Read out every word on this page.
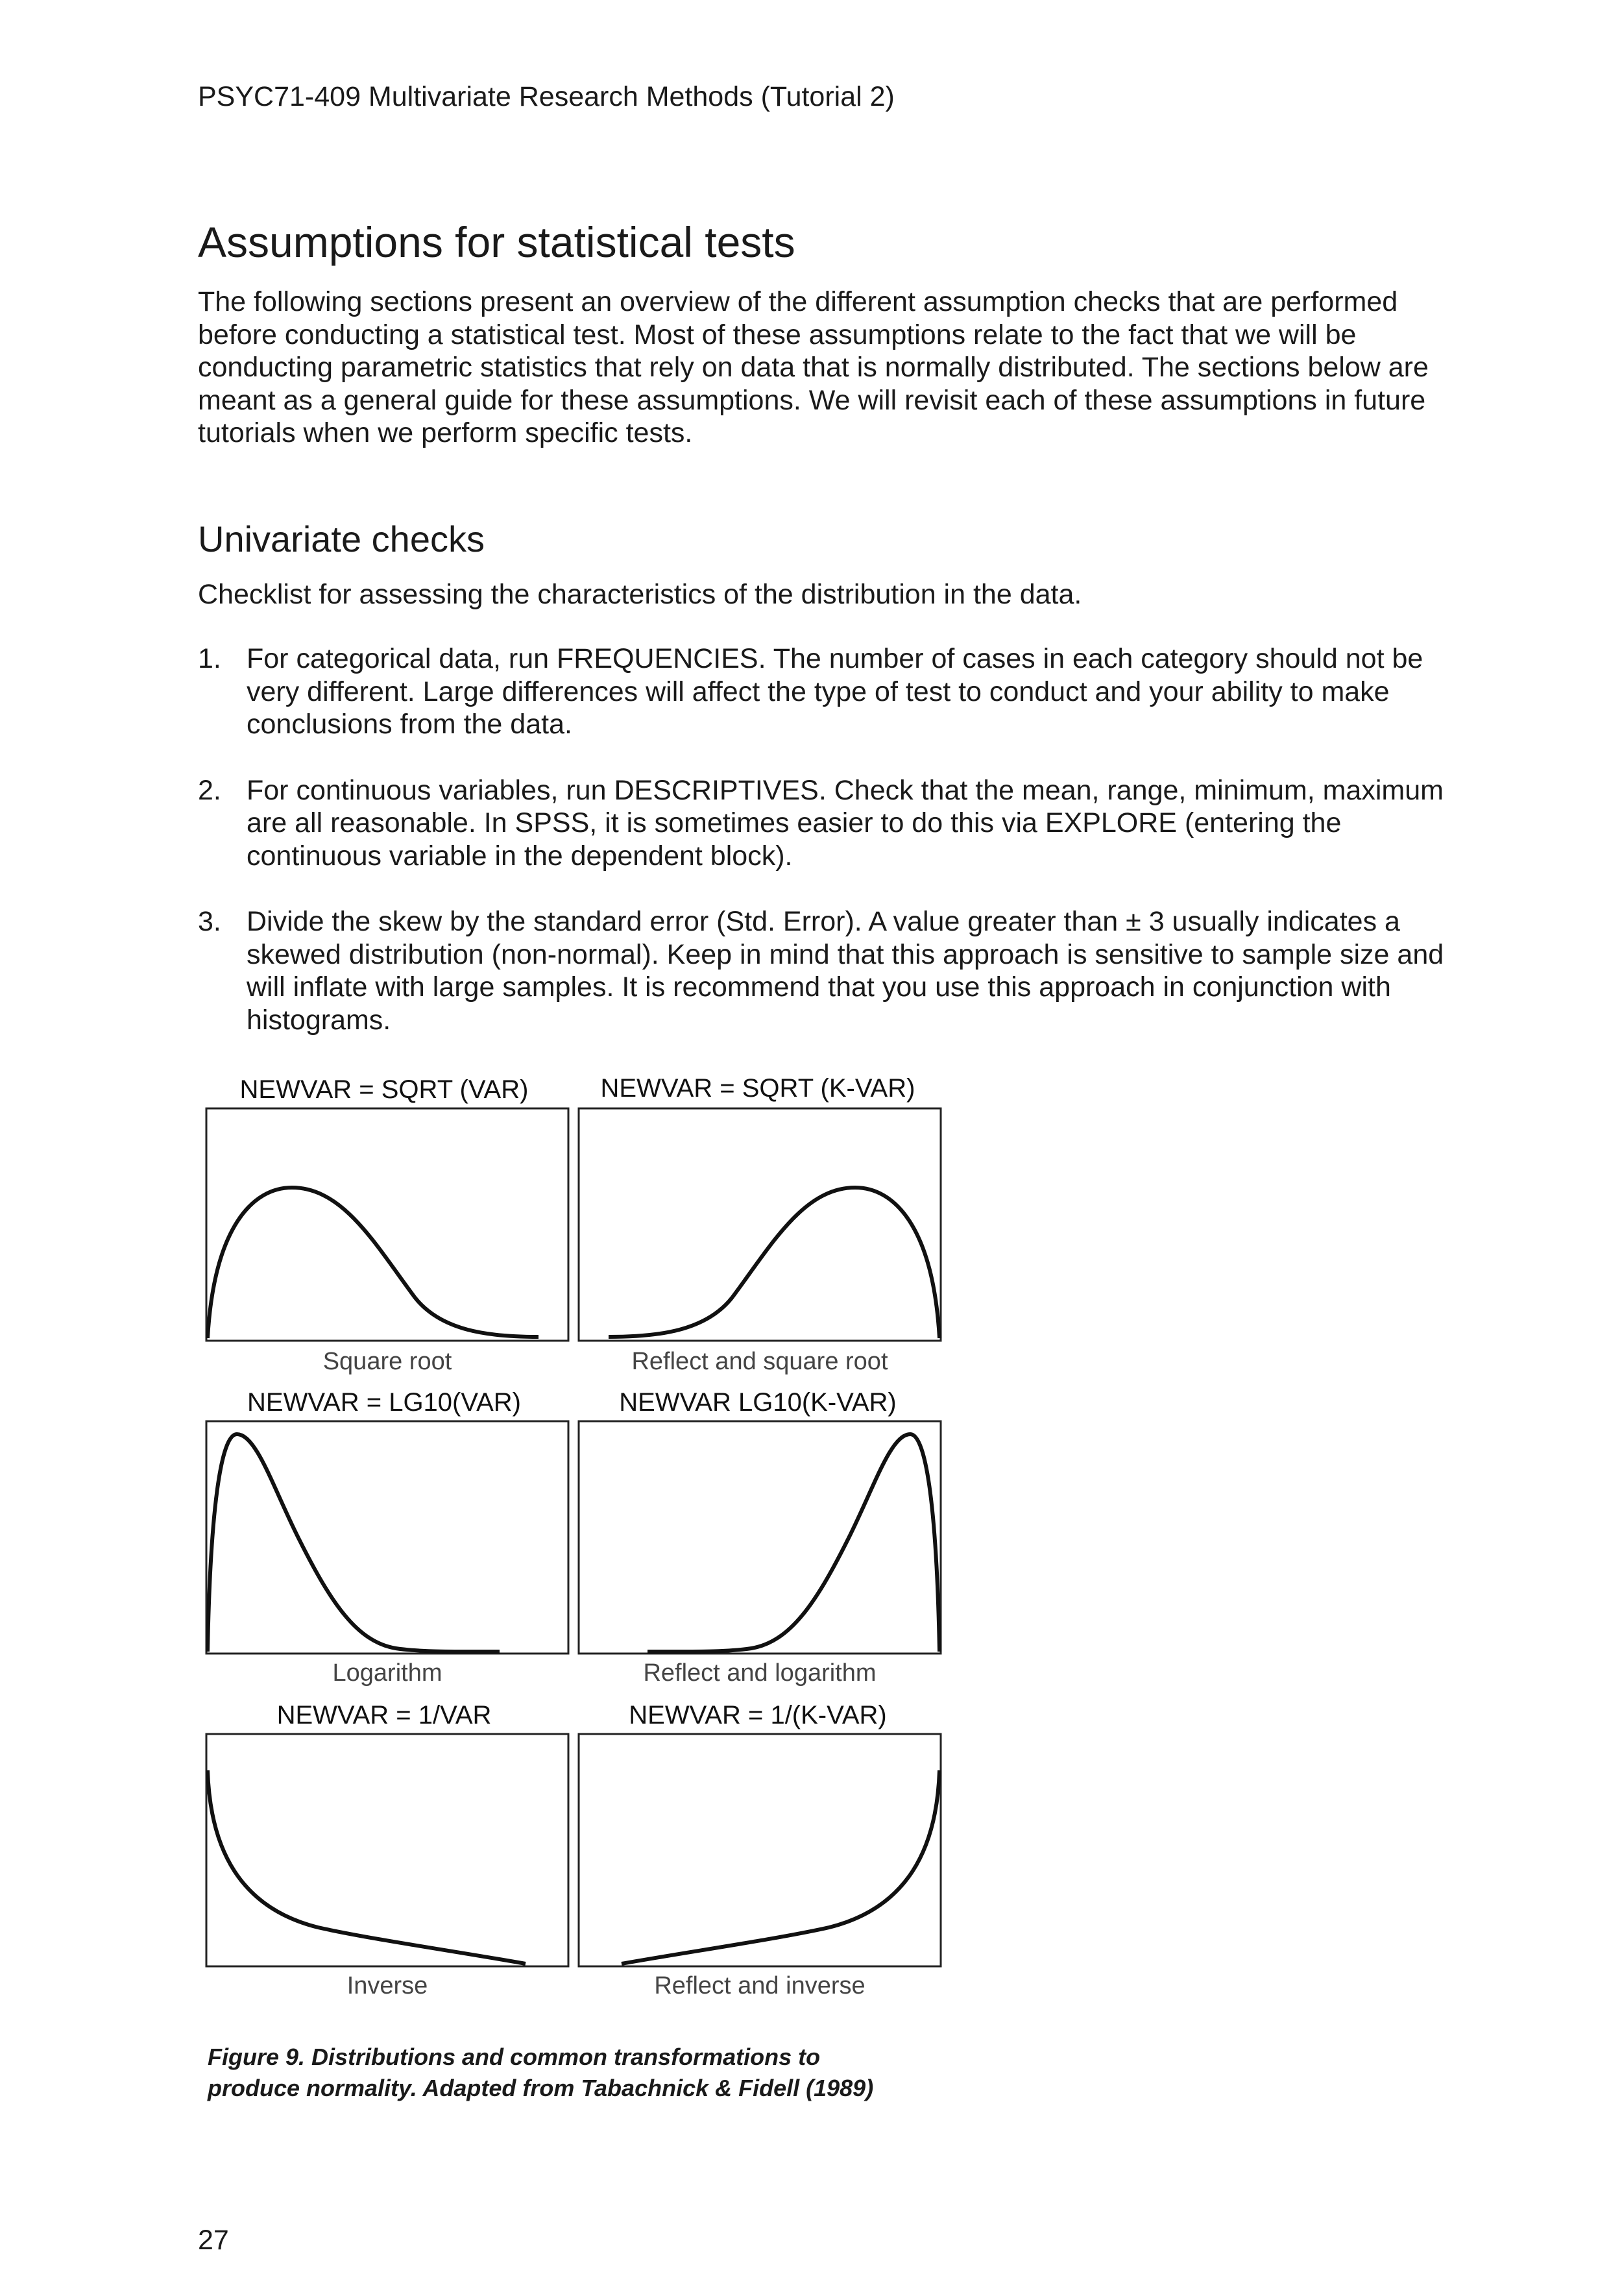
PSYC71-409 Multivariate Research Methods (Tutorial 2)
Assumptions for statistical tests

The following sections present an overview of the different assumption checks that are performed before conducting a statistical test. Most of these assumptions relate to the fact that we will be conducting parametric statistics that rely on data that is normally distributed. The sections below are meant as a general guide for these assumptions. We will revisit each of these assumptions in future tutorials when we perform specific tests.

Univariate checks

Checklist for assessing the characteristics of the distribution in the data.

1. For categorical data, run FREQUENCIES. The number of cases in each category should not be very different. Large differences will affect the type of test to conduct and your ability to make conclusions from the data.
2. For continuous variables, run DESCRIPTIVES. Check that the mean, range, minimum, maximum are all reasonable. In SPSS, it is sometimes easier to do this via EXPLORE (entering the continuous variable in the dependent block).
3. Divide the skew by the standard error (Std. Error). A value greater than ± 3 usually indicates a skewed distribution (non-normal). Keep in mind that this approach is sensitive to sample size and will inflate with large samples. It is recommend that you use this approach in conjunction with histograms.
NEWVAR = SQRT (VAR)	NEWVAR = SQRT (K-VAR)
Square root	Reflect and square root
NEWVAR = LG10(VAR)	NEWVAR LG10(K-VAR)
Logarithm	Reflect and logarithm
NEWVAR = 1/VAR	NEWVAR = 1/(K-VAR)
Inverse	Reflect and inverse

Figure 9. Distributions and common transformations to
produce normality. Adapted from Tabachnick & Fidell (1989)

27
